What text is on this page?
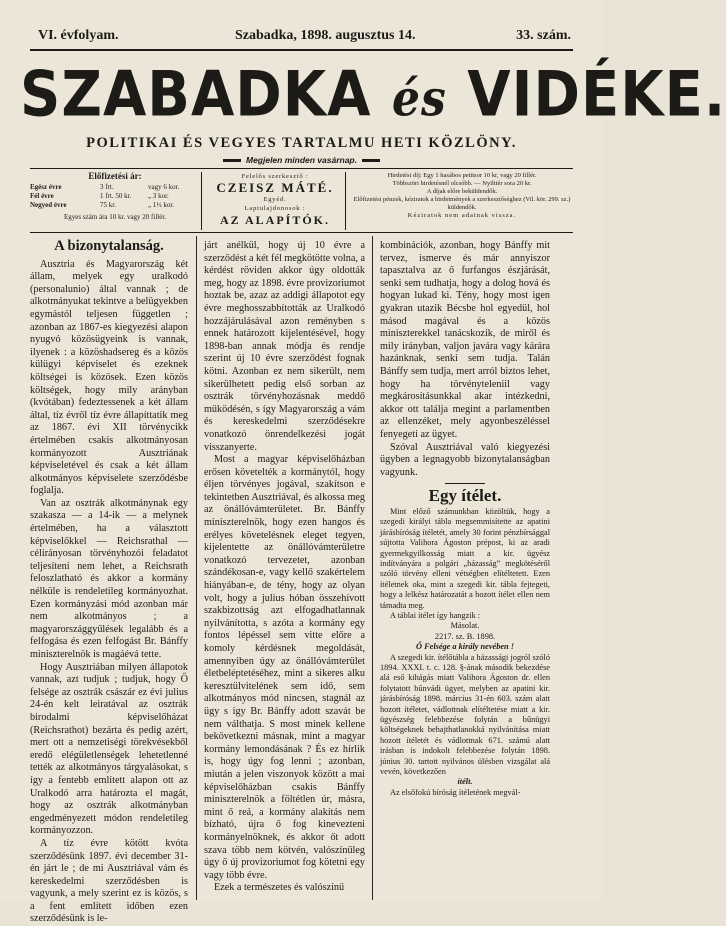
VI. évfolyam.	Szabadka, 1898. augusztus 14.	33. szám.
SZABADKA és VIDÉKE.
POLITIKAI ÉS VEGYES TARTALMU HETI KÖZLÖNY.
Megjelen minden vasárnap.
Előfizetési ár:
Egész évre	3 frt.	vagy 6 kor.
Fél évre	1 frt. 50 kr. „ 3 kor.
Negyed évre	75 kr.	„ 1½ kor.
Egyes szám ára 10 kr. vagy 20 fillér.
Felelős szerkesztő :
CZEISZ MÁTÉ.
Egyéd.
Laptulajdonosok :
AZ ALAPÍTÓK.

Hirdetési díj: Egy 1 hasábos petitsor 10 kr, vagy 20 fillér.

Többszöri hirdetésnél olcsóbb. — Nyilttér sora 20 kr.

A díjak előre beküldendők.

Előfizetési pénzek, kéziratok a hirdetmények a szerkesztőséghez (Vil. kör. 299. sz.) küldendők.

Kéziratok nem adatnak vissza.

A bizonytalanság.

Ausztria és Magyarország két állam, melyek egy uralkodó (personalunio) által vannak ; de alkotmányukat tekintve a belügyekben egymástól teljesen független ; azonban az 1867-es kiegyezési alapon nyugvó közösügyeink is vannak, ilyenek : a közöshadsereg és a közös külügyi képviselet és ezeknek költségei is közösek. Ezen közös költségek, hogy mily arányban (kvótában) fedeztessenek a két állam által, tíz évről tíz évre állapíttatik meg az 1867. évi XII törvénycikk értelmében csakis alkotmányosan kormányozott Ausztriának képviseletével és csak a két állam alkotmányos képviselete szerződésbe foglalja.

Van az osztrák alkotmánynak egy szakasza — a 14-ik — a melynek értelmében, ha a választott képviselőkkel — Reichsrathal — célirányosan törvényhozói feladatot teljesíteni nem lehet, a Reichsrath feloszlatható és akkor a kormány nélküle is rendeletileg kormányozhat. Ezen kormányzási mód azonban már nem alkotmányos ; a magyarországgyűlések legalább és a felfogása és ezen felfogást Br. Bánffy miniszterelnök is magáévá tette.

Hogy Ausztriában milyen állapotok vannak, azt tudjuk ; tudjuk, hogy Ő felsége az osztrák császár ez évi julius 24-én kelt leiratával az osztrák birodalmi képviselőházat (Reichsrathot) bezárta és pedig azért, mert ott a nemzetiségi törekvésekből eredő elégületlenségek lehetetlenné tették az alkotmányos tárgyalásokat, s így a fentebb említett alapon ott az Uralkodó arra határozta el magát, hogy az osztrák alkotmányban engedményezett módon rendeletileg kormányozzon.

A tíz évre kötött kvóta szerződésünk 1897. évi december 31-én járt le ; de mi Ausztriával vám és kereskedelmi szerződésben is vagyunk, a mely szerint ez is közös, s a fent említett időben ezen szerződésünk is le-

járt anélkül, hogy új 10 évre a szerződést a két fél megkötötte volna, a kérdést röviden akkor úgy oldották meg, hogy az 1898. évre provizoriumot hoztak be, azaz az addigi állapotot egy évre meghosszabbították az Uralkodó hozzájárulásával azon reményben s ennek határozott kijelentésével, hogy 1898-ban annak módja és rendje szerint új 10 évre szerződést fognak kötni. Azonban ez nem sikerült, nem sikerülhetett pedig első sorban az osztrák törvényhozásnak meddő működésén, s így Magyarország a vám és kereskedelmi szerződésekre vonatkozó önrendelkezési jogát visszanyerte.

Most a magyar képviselőházban erősen követelték a kormánytól, hogy éljen törvényes jogával, szakítson e tekintetben Ausztriával, és alkossa meg az önállóvámterületet. Br. Bánffy miniszterelnök, hogy ezen hangos és erélyes követelésnek eleget tegyen, kijelentette az önállóvámterületre vonatkozó tervezetet, azonban szándékosan-e, vagy kellő szakértelem hiányában-e, de tény, hogy az olyan volt, hogy a julius hóban összehívott szakbizottság azt elfogadhatlannak nyilvánította, s azóta a kormány egy fontos lépéssel sem vitte előre a komoly kérdésnek megoldását, amennyiben úgy az önállóvámterület életbeléptetéséhez, mint a sikeres alku keresztülvitelének sem idő, sem alkotmányos mód nincsen, stagnál az ügy s így Br. Bánffy adott szavát be nem válthatja. S most minek kellene bekövetkezni másnak, mint a magyar kormány lemondásának ? És ez hírlik is, hogy úgy fog lenni ; azonban, miután a jelen viszonyok között a mai képviselőházban csakis Bánffy miniszterelnök a föltétlen úr, másra, mint ő reá, a kormány alakítás nem bízható, újra ő fog kinevezteni kormányelnöknek, és akkor őt adott szava több nem kötvén, valószínűleg úgy ő új provizoriumot fog kötetni egy vagy több évre.

Ezek a természetes és valószínű

kombinációk, azonban, hogy Bánffy mit tervez, ismerve és már annyiszor tapasztalva az ő furfangos észjárását, senki sem tudhatja, hogy a dolog hová és hogyan lukad ki. Tény, hogy most igen gyakran utazik Bécsbe hol egyedül, hol másod magával és a közös miniszterekkel tanácskozik, de miről és mily irányban, valjon javára vagy kárára hazánknak, senki sem tudja. Talán Bánffy sem tudja, mert arról biztos lehet, hogy ha törvényteleniil vagy megkárosításunkkal akar intézkedni, akkor ott találja megint a parlamentben az ellenzéket, mely agyonbeszéléssel fenyegeti az ügyet.

Szóval Ausztriával való kiegyezési ügyben a legnagyobb bizonytalanságban vagyunk.

Egy ítélet.

Mint előző számunkban közöltük, hogy a szegedi királyi tábla megsemmisítette az apatini járásbíróság ítéletét, amely 30 forint pénzbírsággal sújtotta Valihora Ágoston prépost, ki az aradi gyermekgyilkosság miatt a kir. ügyész indítványára a polgári „házasság” megkötéséről szóló törvény elleni vétségben elítéltetett. Ezen ítéletnek oka, mint a szegedi kir. tábla fejtegeti, hogy a lelkész határozatát a hozott ítélet ellen nem támadta meg.

A táblai ítélet így hangzik :

Másolat.

2217. sz. B. 1898.

Ő Felsége a király nevében !

A szegedi kir. ítélőtábla a házassági jogról szóló 1894. XXXI. t. c. 128. §-ának második bekezdése alá eső kihágás miatt Valihora Ágoston dr. ellen folytatott bűnvádi ügyet, melyben az apatini kir. járásbíróság 1898. március 31-én 603. szám alatt hozott ítéletet, vádlottnak elítéltetése miatt a kir. ügyészség felebbezése folytán a bűnügyi költségeknek behajthatlanokká nyilvánítása miatt hozott ítéletét és vádlottnak 671. számú alatt irásban is indokolt felebbezése folytán 1898. június 30. tartott nyilvános ülésben vizsgálat alá vevén, következően

ítélt.

Az elsőfokú bíróság ítéletének megvál-
